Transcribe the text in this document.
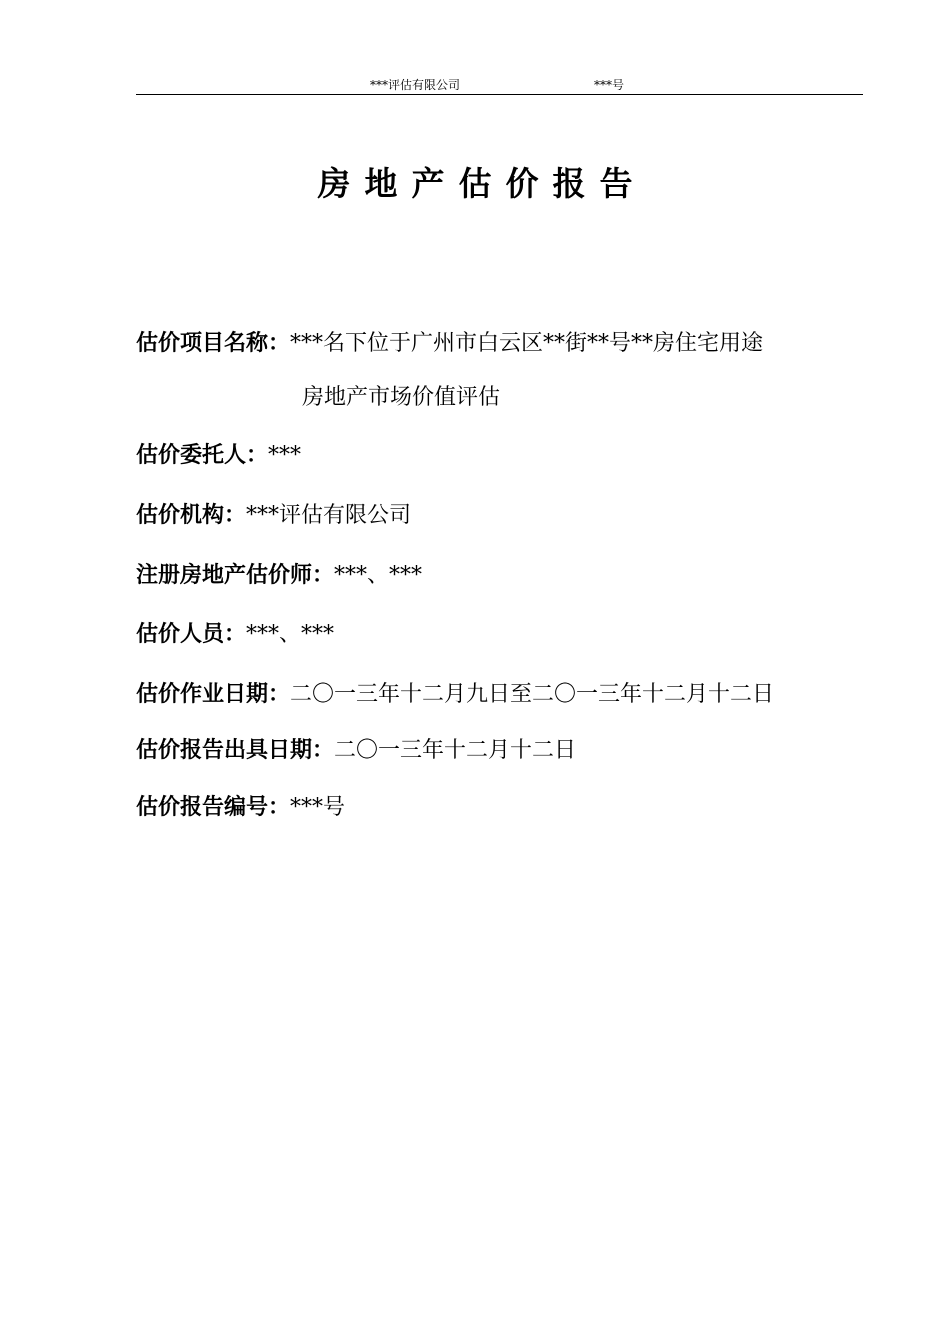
***评估有限公司	***号
房地产估价报告
估价项目名称：***名下位于广州市白云区**街**号**房住宅用途
房地产市场价值评估
估价委托人：***
估价机构：***评估有限公司
注册房地产估价师：***、***
估价人员：***、***
估价作业日期：二〇一三年十二月九日至二〇一三年十二月十二日
估价报告出具日期：二〇一三年十二月十二日
估价报告编号：***号
